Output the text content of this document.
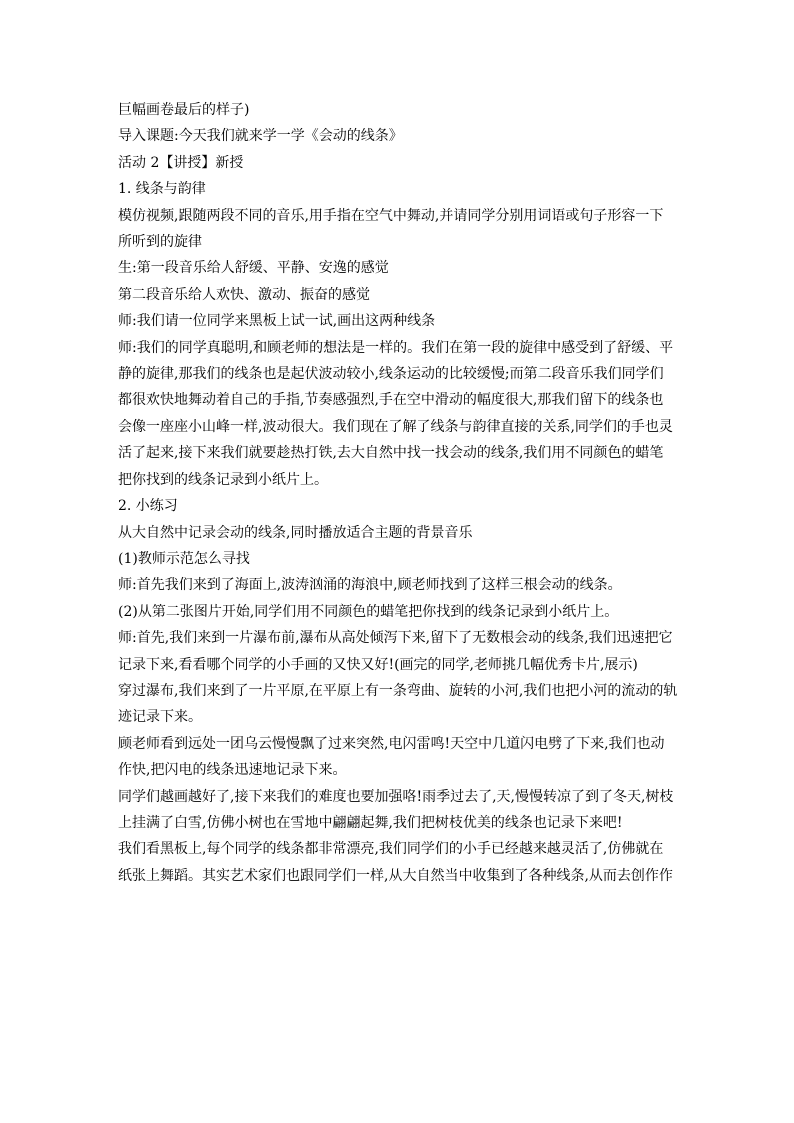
巨幅画卷最后的样子)
导入课题:今天我们就来学一学《会动的线条》
活动 2【讲授】新授
1. 线条与韵律
模仿视频,跟随两段不同的音乐,用手指在空气中舞动,并请同学分别用词语或句子形容一下
所听到的旋律
生:第一段音乐给人舒缓、平静、安逸的感觉
第二段音乐给人欢快、激动、振奋的感觉
师:我们请一位同学来黑板上试一试,画出这两种线条
师:我们的同学真聪明,和顾老师的想法是一样的。我们在第一段的旋律中感受到了舒缓、平
静的旋律,那我们的线条也是起伏波动较小,线条运动的比较缓慢;而第二段音乐我们同学们
都很欢快地舞动着自己的手指,节奏感强烈,手在空中滑动的幅度很大,那我们留下的线条也
会像一座座小山峰一样,波动很大。我们现在了解了线条与韵律直接的关系,同学们的手也灵
活了起来,接下来我们就要趁热打铁,去大自然中找一找会动的线条,我们用不同颜色的蜡笔
把你找到的线条记录到小纸片上。
2. 小练习
从大自然中记录会动的线条,同时播放适合主题的背景音乐
(1)教师示范怎么寻找
师:首先我们来到了海面上,波涛汹涌的海浪中,顾老师找到了这样三根会动的线条。
(2)从第二张图片开始,同学们用不同颜色的蜡笔把你找到的线条记录到小纸片上。
师:首先,我们来到一片瀑布前,瀑布从高处倾泻下来,留下了无数根会动的线条,我们迅速把它
记录下来,看看哪个同学的小手画的又快又好!(画完的同学,老师挑几幅优秀卡片,展示)
穿过瀑布,我们来到了一片平原,在平原上有一条弯曲、旋转的小河,我们也把小河的流动的轨
迹记录下来。
顾老师看到远处一团乌云慢慢飘了过来突然,电闪雷鸣!天空中几道闪电劈了下来,我们也动
作快,把闪电的线条迅速地记录下来。
同学们越画越好了,接下来我们的难度也要加强咯!雨季过去了,天,慢慢转凉了到了冬天,树枝
上挂满了白雪,仿佛小树也在雪地中翩翩起舞,我们把树枝优美的线条也记录下来吧!
我们看黑板上,每个同学的线条都非常漂亮,我们同学们的小手已经越来越灵活了,仿佛就在
纸张上舞蹈。其实艺术家们也跟同学们一样,从大自然当中收集到了各种线条,从而去创作作
